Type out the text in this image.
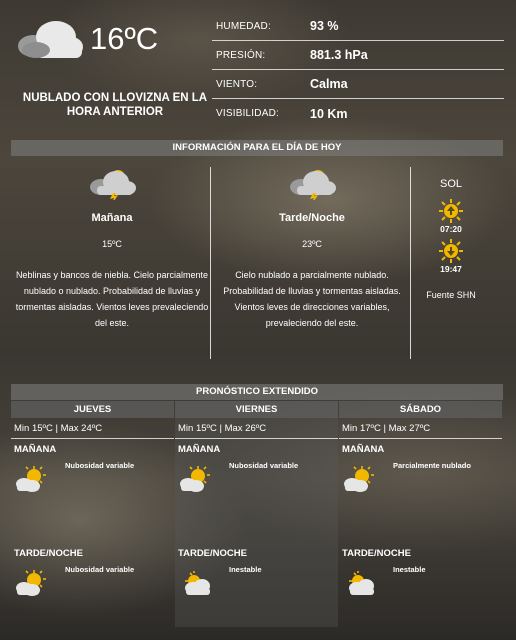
16ºC
NUBLADO CON LLOVIZNA EN LA HORA ANTERIOR
HUMEDAD:	93 %
PRESIÓN:	881.3 hPa
VIENTO:	Calma
VISIBILIDAD:	10 Km
INFORMACIÓN PARA EL DÍA DE HOY
Mañana
15ºC
Neblinas y bancos de niebla. Cielo parcialmente nublado o nublado. Probabilidad de lluvias y tormentas aisladas. Vientos leves prevaleciendo del este.
Tarde/Noche
23ºC
Cielo nublado a parcialmente nublado. Probabilidad de lluvias y tormentas aisladas. Vientos leves de direcciones variables, prevaleciendo del este.
SOL
07:20
19:47
Fuente SHN
PRONÓSTICO EXTENDIDO
JUEVES
Min 15ºC | Max 24ºC
MAÑANA
Nubosidad variable
TARDE/NOCHE
Nubosidad variable
VIERNES
Min 15ºC | Max 26ºC
MAÑANA
Nubosidad variable
TARDE/NOCHE
Inestable
SÁBADO
Min 17ºC | Max 27ºC
MAÑANA
Parcialmente nublado
TARDE/NOCHE
Inestable
